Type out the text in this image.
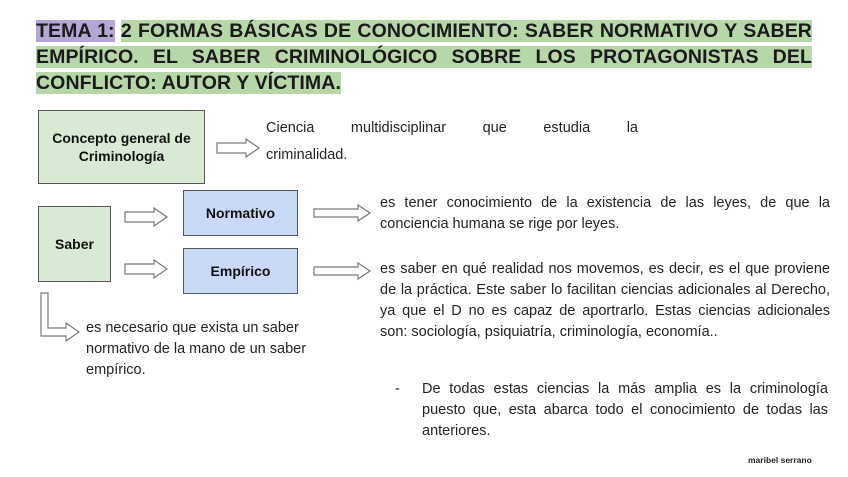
TEMA 1: 2 FORMAS BÁSICAS DE CONOCIMIENTO: SABER NORMATIVO Y SABER EMPÍRICO. EL SABER CRIMINOLÓGICO SOBRE LOS PROTAGONISTAS DEL CONFLICTO: AUTOR Y VÍCTIMA.
Concepto general de Criminología
Ciencia multidisciplinar que estudia la
criminalidad.
Saber
Normativo
es tener conocimiento de la existencia de las leyes, de que la conciencia humana se rige por leyes.
Empírico	es saber en qué realidad nos movemos, es decir, es el que proviene de la práctica. Este saber lo facilitan ciencias adicionales al Derecho, ya que el D no es capaz de aportrarlo. Estas ciencias adicionales son: sociología, psiquiatría, criminología, economía..
- De todas estas ciencias la más amplia es la criminología puesto que, esta abarca todo el conocimiento de todas las anteriores.
es necesario que exista un saber normativo de la mano de un saber empírico.
maribel serrano
